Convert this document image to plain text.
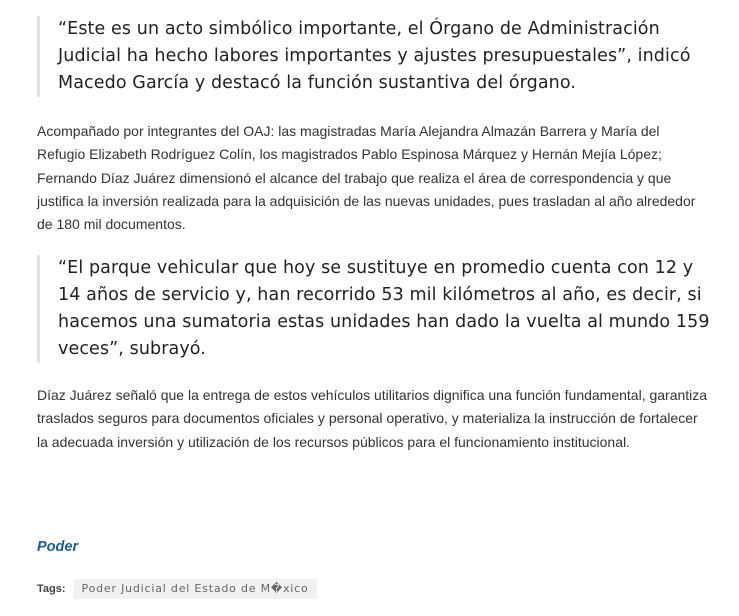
“Este es un acto simbólico importante, el Órgano de Administración Judicial ha hecho labores importantes y ajustes presupuestales”, indicó Macedo García y destacó la función sustantiva del órgano.

Acompañado por integrantes del OAJ: las magistradas María Alejandra Almazán Barrera y María del Refugio Elizabeth Rodríguez Colín, los magistrados Pablo Espinosa Márquez y Hernán Mejía López; Fernando Díaz Juárez dimensionó el alcance del trabajo que realiza el área de correspondencia y que justifica la inversión realizada para la adquisición de las nuevas unidades, pues trasladan al año alrededor de 180 mil documentos.

“El parque vehicular que hoy se sustituye en promedio cuenta con 12 y 14 años de servicio y, han recorrido 53 mil kilómetros al año, es decir, si hacemos una sumatoria estas unidades han dado la vuelta al mundo 159 veces”, subrayó.

Díaz Juárez señaló que la entrega de estos vehículos utilitarios dignifica una función fundamental, garantiza traslados seguros para documentos oficiales y personal operativo, y materializa la instrucción de fortalecer la adecuada inversión y utilización de los recursos públicos para el funcionamiento institucional.

Poder
Tags:	Poder Judicial del Estado de M�xico
